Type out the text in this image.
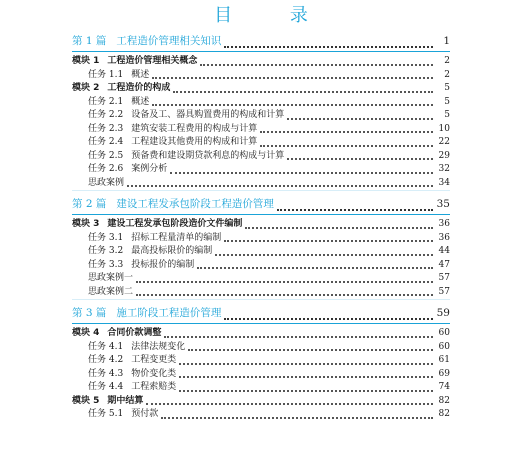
目 录
第 1 篇 工程造价管理相关知识	1
模块 1 工程造价管理相关概念	2
任务 1.1 概述	2
模块 2 工程造价的构成	5
任务 2.1 概述	5
任务 2.2 设备及工、器具购置费用的构成和计算	5
任务 2.3 建筑安装工程费用的构成与计算	10
任务 2.4 工程建设其他费用的构成和计算	22
任务 2.5 预备费和建设期贷款利息的构成与计算	29
任务 2.6 案例分析	32
思政案例	34
第 2 篇 建设工程发承包阶段工程造价管理	35
模块 3 建设工程发承包阶段造价文件编制	36
任务 3.1 招标工程量清单的编制	36
任务 3.2 最高投标限价的编制	44
任务 3.3 投标报价的编制	47
思政案例一	57
思政案例二	57
第 3 篇 施工阶段工程造价管理	59
模块 4 合同价款调整	60
任务 4.1 法律法规变化	60
任务 4.2 工程变更类	61
任务 4.3 物价变化类	69
任务 4.4 工程索赔类	74
模块 5 期中结算	82
任务 5.1 预付款	82
